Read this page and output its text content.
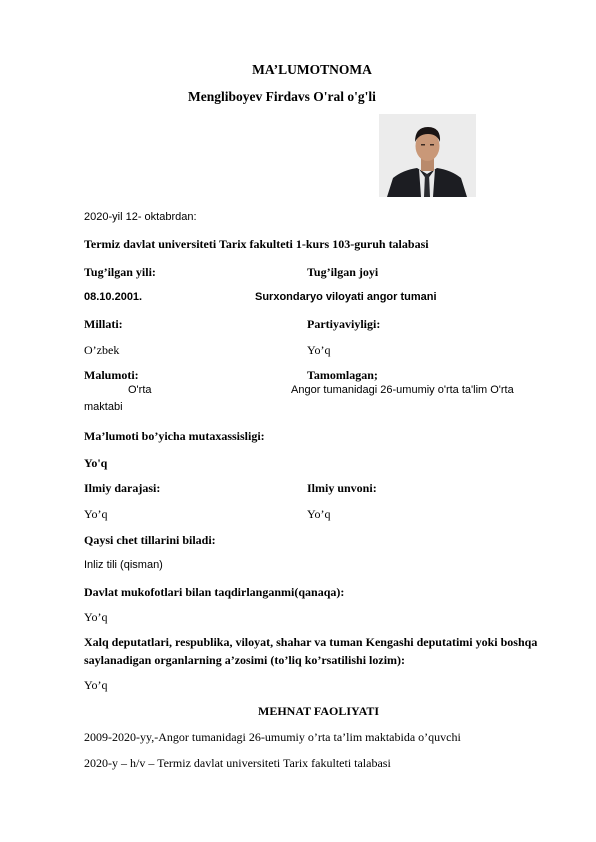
MA’LUMOTNOMA
Mengliboyev Firdavs O'ral o'g'li
2020-yil 12- oktabrdan:
Termiz davlat universiteti Tarix fakulteti 1-kurs 103-guruh talabasi
Tug’ilgan yili:	Tug’ilgan joyi
08.10.2001.	Surxondaryo viloyati angor tumani
Millati:	Partiyaviyligi:
O’zbek	Yo’q
Malumoti:	Tamomlagan;
O'rta	Angor tumanidagi 26-umumiy o'rta ta'lim O'rta
maktabi
Ma’lumoti bo’yicha mutaxassisligi:
Yo'q
Ilmiy darajasi:	Ilmiy unvoni:
Yo’q	Yo’q
Qaysi chet tillarini biladi:
Inliz tili (qisman)
Davlat mukofotlari bilan taqdirlanganmi(qanaqa):
Yo’q
Xalq deputatlari, respublika, viloyat, shahar va tuman Kengashi deputatimi yoki boshqa
saylanadigan organlarning a’zosimi (to’liq ko’rsatilishi lozim):
Yo’q
MEHNAT FAOLIYATI
2009-2020-yy,-Angor tumanidagi 26-umumiy o’rta ta’lim maktabida o’quvchi
2020-y – h/v – Termiz davlat universiteti Tarix fakulteti talabasi
